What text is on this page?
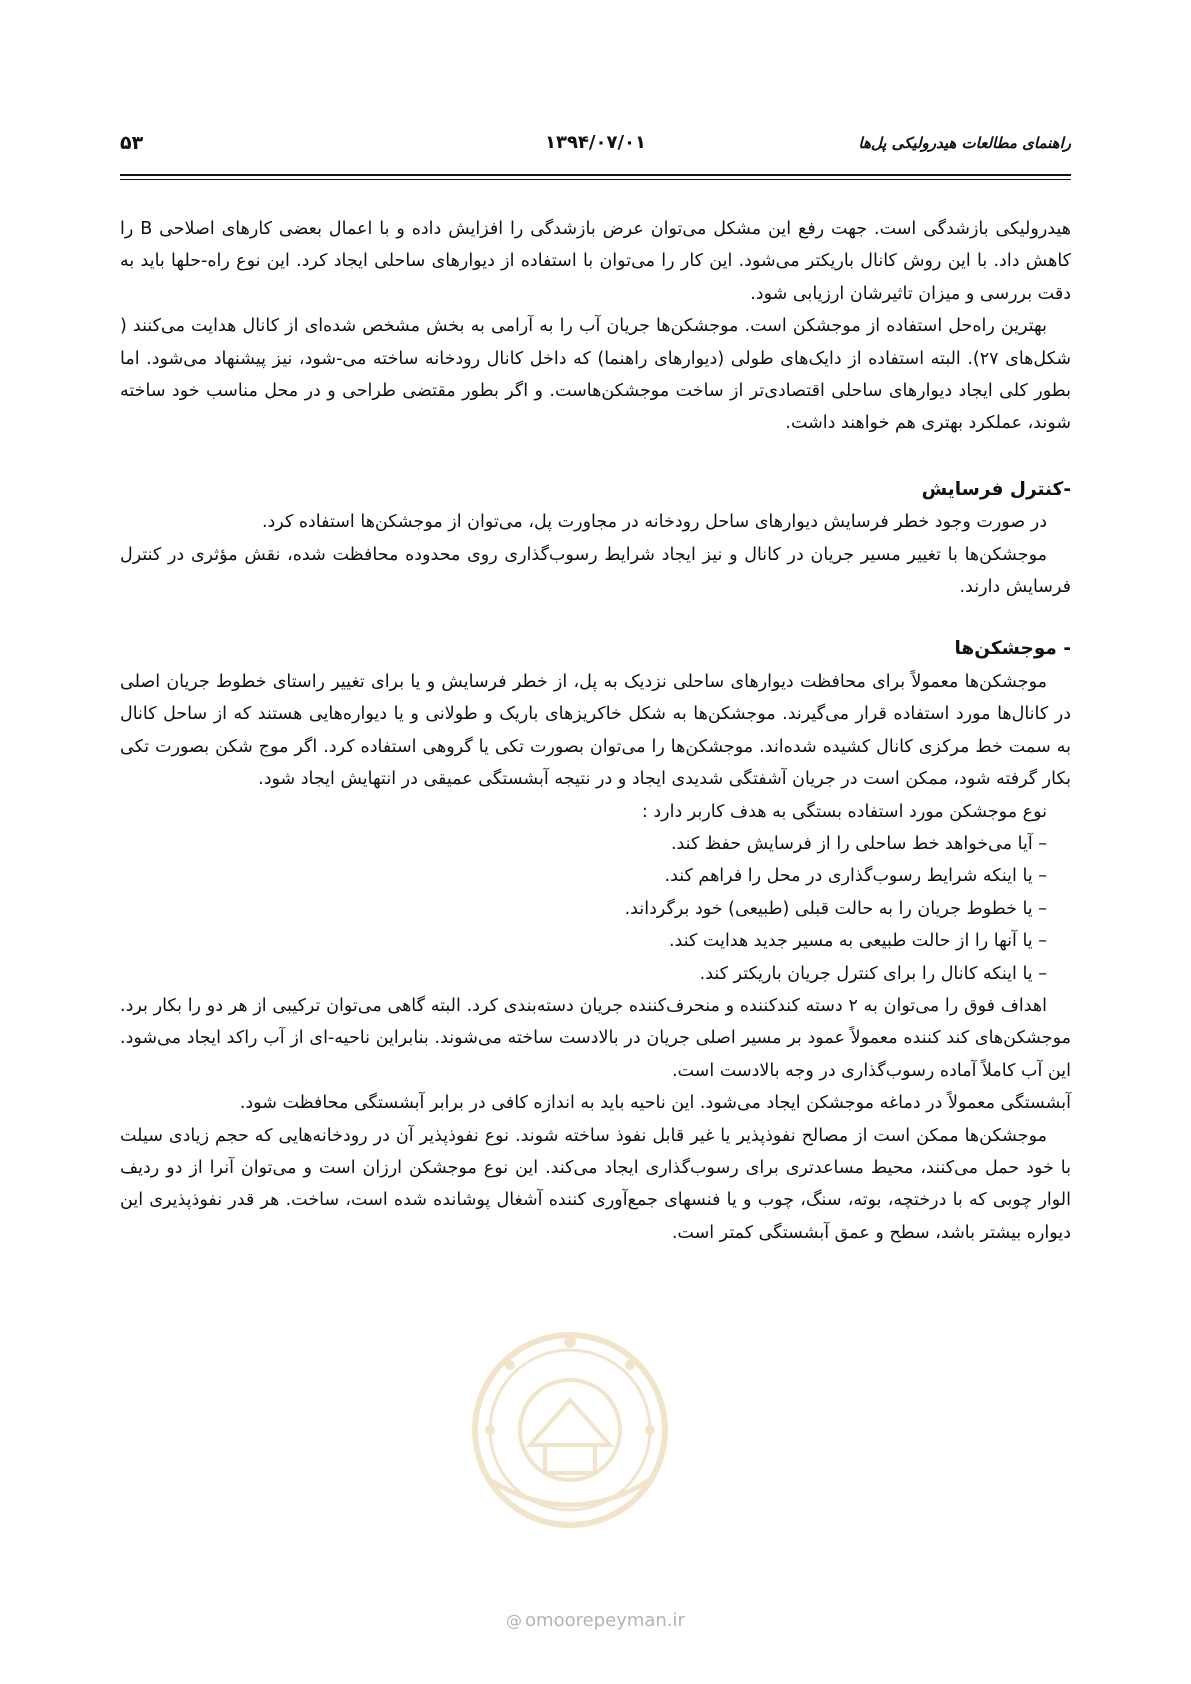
راهنمای مطالعات هیدرولیکی پل‌ها
۱۳۹۴/۰۷/۰۱
۵۳

هیدرولیکی بازشدگی است. جهت رفع این مشکل می‌توان عرض بازشدگی را افزایش داده و با اعمال بعضی کارهای اصلاحی B را کاهش داد. با این روش کانال باریکتر می‌شود. این کار را می‌توان با استفاده از دیوارهای ساحلی ایجاد کرد. این نوع راه-حلها باید به دقت بررسی و میزان تاثیرشان ارزیابی شود.

بهترین راه‌حل استفاده از موجشکن است. موجشکن‌ها جریان آب را به آرامی به بخش مشخص شده‌ای از کانال هدایت می‌کنند ( شکل‌های ۲۷). البته استفاده از دایک‌های طولی (دیوارهای راهنما) که داخل کانال رودخانه ساخته می-شود، نیز پیشنهاد می‌شود. اما بطور کلی ایجاد دیوارهای ساحلی اقتصادی‌تر از ساخت موجشکن‌هاست. و اگر بطور مقتضی طراحی و در محل مناسب خود ساخته شوند، عملکرد بهتری هم خواهند داشت.

-کنترل فرسایش

در صورت وجود خطر فرسایش دیوارهای ساحل رودخانه در مجاورت پل، می‌توان از موجشکن‌ها استفاده کرد.

موجشکن‌ها با تغییر مسیر جریان در کانال و نیز ایجاد شرایط رسوب‌گذاری روی محدوده محافظت شده، نقش مؤثری در کنترل فرسایش دارند.

- موجشکن‌ها

موجشکن‌ها معمولاً برای محافظت دیوارهای ساحلی نزدیک به پل، از خطر فرسایش و یا برای تغییر راستای خطوط جریان اصلی در کانال‌ها مورد استفاده قرار می‌گیرند. موجشکن‌ها به شکل خاکریزهای باریک و طولانی و یا دیواره‌هایی هستند که از ساحل کانال به سمت خط مرکزی کانال کشیده شده‌اند. موجشکن‌ها را می‌توان بصورت تکی یا گروهی استفاده کرد. اگر موج شکن بصورت تکی بکار گرفته شود، ممکن است در جریان آشفتگی شدیدی ایجاد و در نتیجه آبشستگی عمیقی در انتهایش ایجاد شود.

نوع موجشکن مورد استفاده بستگی به هدف کاربر دارد :

– آیا می‌خواهد خط ساحلی را از فرسایش حفظ کند.

– یا اینکه شرایط رسوب‌گذاری در محل را فراهم کند.

– یا خطوط جریان را به حالت قبلی (طبیعی) خود برگرداند.

– یا آنها را از حالت طبیعی به مسیر جدید هدایت کند.

– یا اینکه کانال را برای کنترل جریان باریکتر کند.

اهداف فوق را می‌توان به ۲ دسته کندکننده و منحرف‌کننده جریان دسته‌بندی کرد. البته گاهی می‌توان ترکیبی از هر دو را بکار برد. موجشکن‌های کند کننده معمولاً عمود بر مسیر اصلی جریان در بالادست ساخته می‌شوند. بنابراین ناحیه-ای از آب راکد ایجاد می‌شود. این آب کاملاً آماده رسوب‌گذاری در وجه بالادست است.

آبشستگی معمولاً در دماغه موجشکن ایجاد می‌شود. این ناحیه باید به اندازه کافی در برابر آبشستگی محافظت شود.

موجشکن‌ها ممکن است از مصالح نفوذپذیر یا غیر قابل نفوذ ساخته شوند. نوع نفوذپذیر آن در رودخانه‌هایی که حجم زیادی سیلت با خود حمل می‌کنند، محیط مساعدتری برای رسوب‌گذاری ایجاد می‌کند. این نوع موجشکن ارزان است و می‌توان آنرا از دو ردیف الوار چوبی که با درختچه، بوته، سنگ، چوب و یا فنسهای جمع‌آوری کننده آشغال پوشانده شده است، ساخت. هر قدر نفوذپذیری این دیواره بیشتر باشد، سطح و عمق آبشستگی کمتر است.

@ omoorepeyman.ir
